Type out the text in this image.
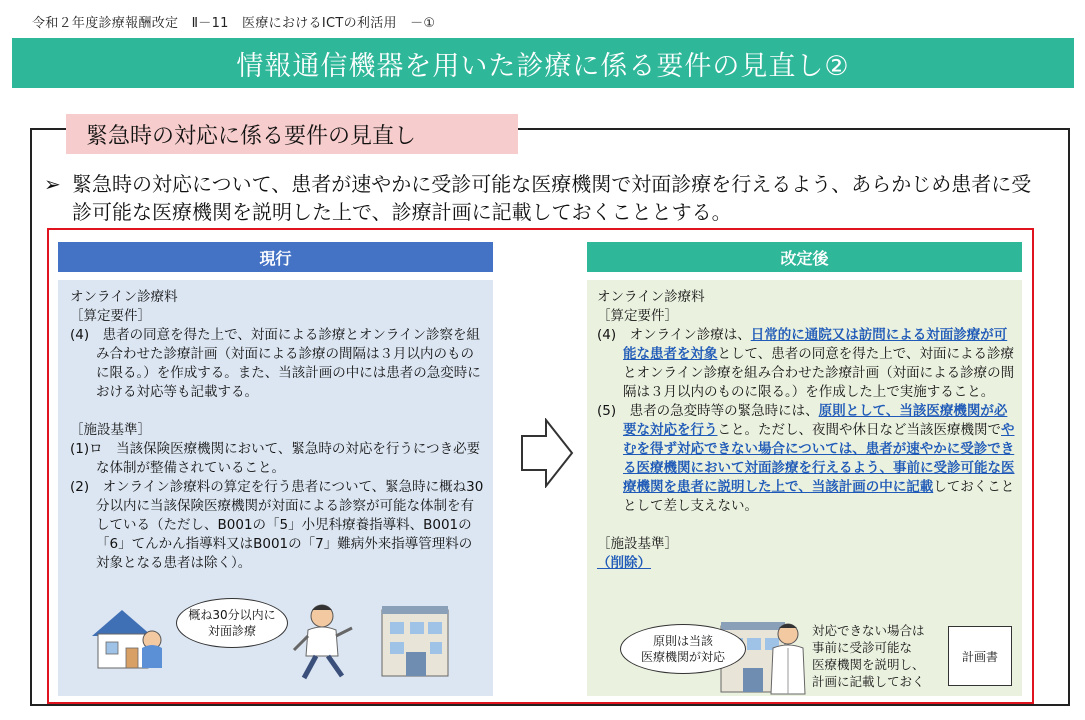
令和２年度診療報酬改定　Ⅱ－11　医療におけるICTの利活用　－①
情報通信機器を用いた診療に係る要件の見直し②
緊急時の対応に係る要件の見直し
➢ 緊急時の対応について、患者が速やかに受診可能な医療機関で対面診療を行えるよう、あらかじめ患者に受診可能な医療機関を説明した上で、診療計画に記載しておくこととする。
現行	改定後
オンライン診療料
［算定要件］
(4)　患者の同意を得た上で、対面による診療とオンライン診察を組み合わせた診療計画（対面による診療の間隔は３月以内のものに限る。）を作成する。また、当該計画の中には患者の急変時における対応等も記載する。
［施設基準］
(1)ロ　当該保険医療機関において、緊急時の対応を行うにつき必要な体制が整備されていること。
(2)　オンライン診療料の算定を行う患者について、緊急時に概ね30分以内に当該保険医療機関が対面による診察が可能な体制を有している（ただし、B001の「5」小児科療養指導料、B001の「6」てんかん指導料又はB001の「7」難病外来指導管理料の対象となる患者は除く）。
概ね30分以内に
対面診療
オンライン診療料
［算定要件］
(4)　オンライン診療は、日常的に通院又は訪問による対面診療が可能な患者を対象として、患者の同意を得た上で、対面による診療とオンライン診療を組み合わせた診療計画（対面による診療の間隔は３月以内のものに限る。）を作成した上で実施すること。
(5)　患者の急変時等の緊急時には、原則として、当該医療機関が必要な対応を行うこと。ただし、夜間や休日など当該医療機関でやむを得ず対応できない場合については、患者が速やかに受診できる医療機関において対面診療を行えるよう、事前に受診可能な医療機関を患者に説明した上で、当該計画の中に記載しておくこととして差し支えない。
［施設基準］
（削除）
原則は当該
医療機関が対応
対応できない場合は
事前に受診可能な
医療機関を説明し、
計画に記載しておく
計画書
